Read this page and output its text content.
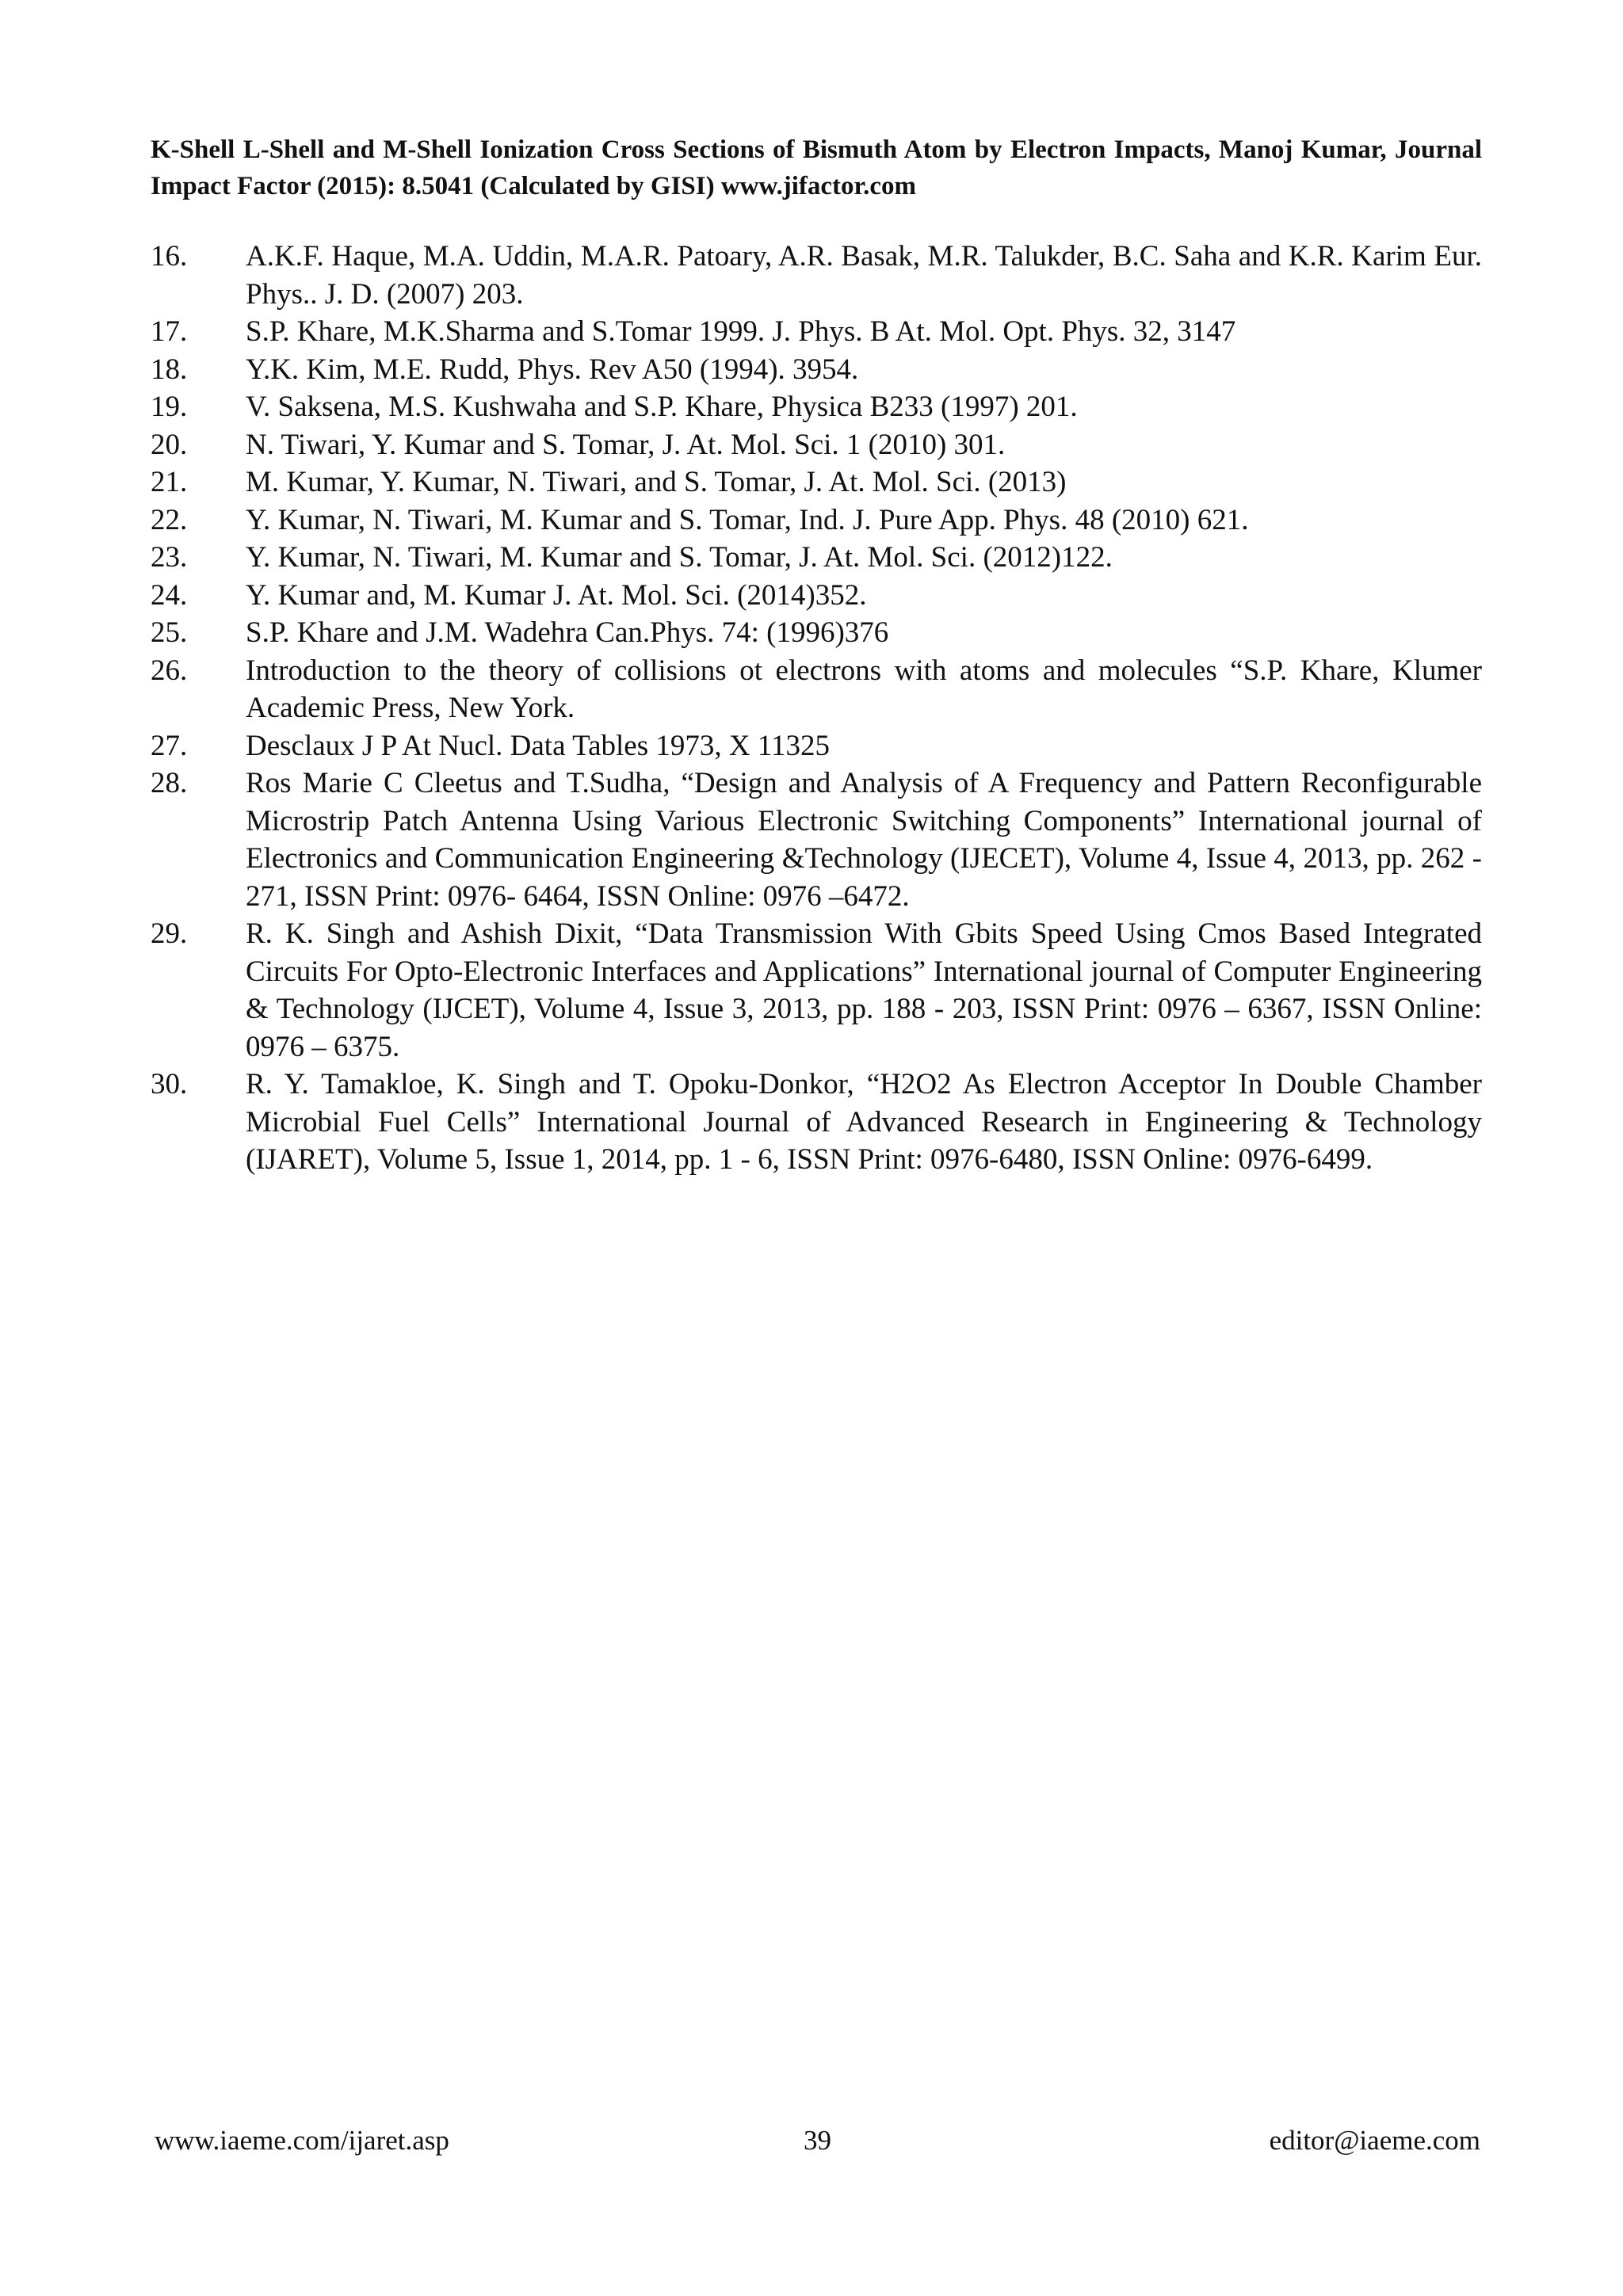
K-Shell L-Shell and M-Shell Ionization Cross Sections of Bismuth Atom by Electron Impacts, Manoj Kumar, Journal Impact Factor (2015): 8.5041 (Calculated by GISI) www.jifactor.com
16.	A.K.F. Haque, M.A. Uddin, M.A.R. Patoary, A.R. Basak, M.R. Talukder, B.C. Saha and K.R. Karim Eur. Phys.. J. D. (2007) 203.
17.	S.P. Khare, M.K.Sharma and S.Tomar 1999. J. Phys. B At. Mol. Opt. Phys. 32, 3147
18.	Y.K. Kim, M.E. Rudd, Phys. Rev A50 (1994). 3954.
19.	V. Saksena, M.S. Kushwaha and S.P. Khare, Physica B233 (1997) 201.
20.	N. Tiwari, Y. Kumar and S. Tomar, J. At. Mol. Sci. 1 (2010) 301.
21.	M. Kumar, Y. Kumar, N. Tiwari, and S. Tomar, J. At. Mol. Sci. (2013)
22.	Y. Kumar, N. Tiwari, M. Kumar and S. Tomar, Ind. J. Pure App. Phys. 48 (2010) 621.
23.	Y. Kumar, N. Tiwari, M. Kumar and S. Tomar, J. At. Mol. Sci. (2012)122.
24.	Y. Kumar and, M. Kumar J. At. Mol. Sci. (2014)352.
25.	S.P. Khare and J.M. Wadehra Can.Phys. 74: (1996)376
26.	Introduction to the theory of collisions ot electrons with atoms and molecules “S.P. Khare, Klumer Academic Press, New York.
27.	Desclaux J P At Nucl. Data Tables 1973, X 11325
28.	Ros Marie C Cleetus and T.Sudha, “Design and Analysis of A Frequency and Pattern Reconfigurable Microstrip Patch Antenna Using Various Electronic Switching Components” International journal of Electronics and Communication Engineering &Technology (IJECET), Volume 4, Issue 4, 2013, pp. 262 - 271, ISSN Print: 0976- 6464, ISSN Online: 0976 –6472.
29.	R. K. Singh and Ashish Dixit, “Data Transmission With Gbits Speed Using Cmos Based Integrated Circuits For Opto-Electronic Interfaces and Applications” International journal of Computer Engineering & Technology (IJCET), Volume 4, Issue 3, 2013, pp. 188 - 203, ISSN Print: 0976 – 6367, ISSN Online: 0976 – 6375.
30.	R. Y. Tamakloe, K. Singh and T. Opoku-Donkor, “H2O2 As Electron Acceptor In Double Chamber Microbial Fuel Cells” International Journal of Advanced Research in Engineering & Technology (IJARET), Volume 5, Issue 1, 2014, pp. 1 - 6, ISSN Print: 0976-6480, ISSN Online: 0976-6499.
www.iaeme.com/ijaret.asp	39	editor@iaeme.com
